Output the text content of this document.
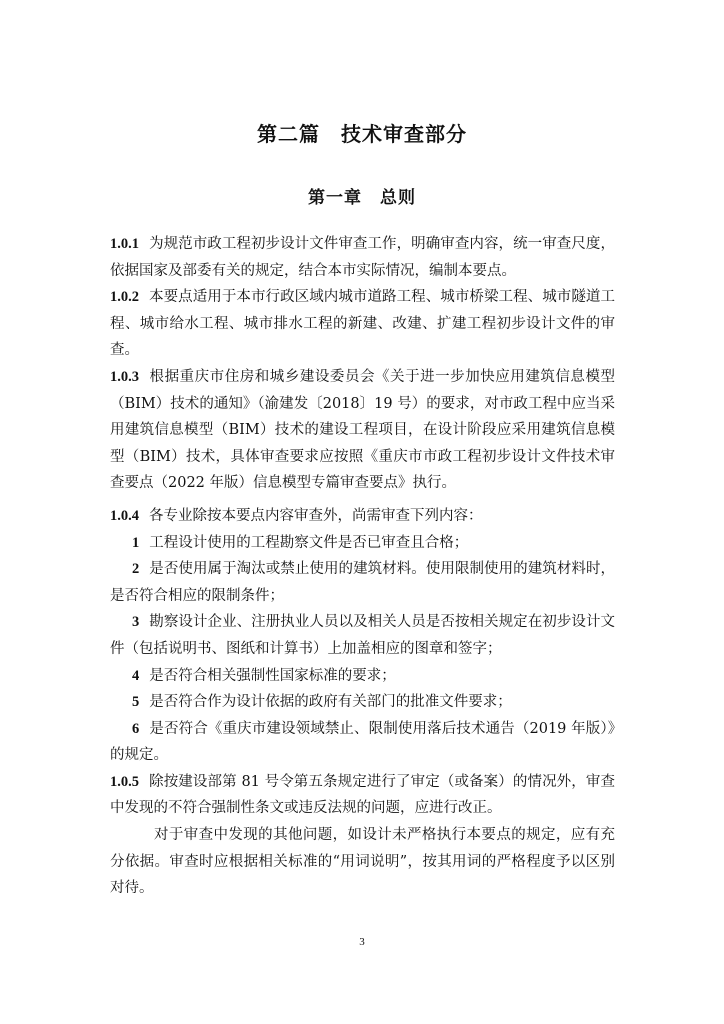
第二篇　技术审查部分
第一章　总则

1.0.1 为规范市政工程初步设计文件审查工作，明确审查内容，统一审查尺度，依据国家及部委有关的规定，结合本市实际情况，编制本要点。

1.0.2 本要点适用于本市行政区域内城市道路工程、城市桥梁工程、城市隧道工程、城市给水工程、城市排水工程的新建、改建、扩建工程初步设计文件的审查。

1.0.3 根据重庆市住房和城乡建设委员会《关于进一步加快应用建筑信息模型（BIM）技术的通知》（渝建发〔2018〕19 号）的要求，对市政工程中应当采用建筑信息模型（BIM）技术的建设工程项目，在设计阶段应采用建筑信息模型（BIM）技术，具体审查要求应按照《重庆市市政工程初步设计文件技术审查要点（2022 年版）信息模型专篇审查要点》执行。

1.0.4 各专业除按本要点内容审查外，尚需审查下列内容：

1 工程设计使用的工程勘察文件是否已审查且合格；

2 是否使用属于淘汰或禁止使用的建筑材料。使用限制使用的建筑材料时，是否符合相应的限制条件；

3 勘察设计企业、注册执业人员以及相关人员是否按相关规定在初步设计文件（包括说明书、图纸和计算书）上加盖相应的图章和签字；

4 是否符合相关强制性国家标准的要求；

5 是否符合作为设计依据的政府有关部门的批准文件要求；

6 是否符合《重庆市建设领域禁止、限制使用落后技术通告（2019 年版）》的规定。

1.0.5 除按建设部第 81 号令第五条规定进行了审定（或备案）的情况外，审查中发现的不符合强制性条文或违反法规的问题，应进行改正。

对于审查中发现的其他问题，如设计未严格执行本要点的规定，应有充分依据。审查时应根据相关标准的“用词说明”，按其用词的严格程度予以区别对待。

3
